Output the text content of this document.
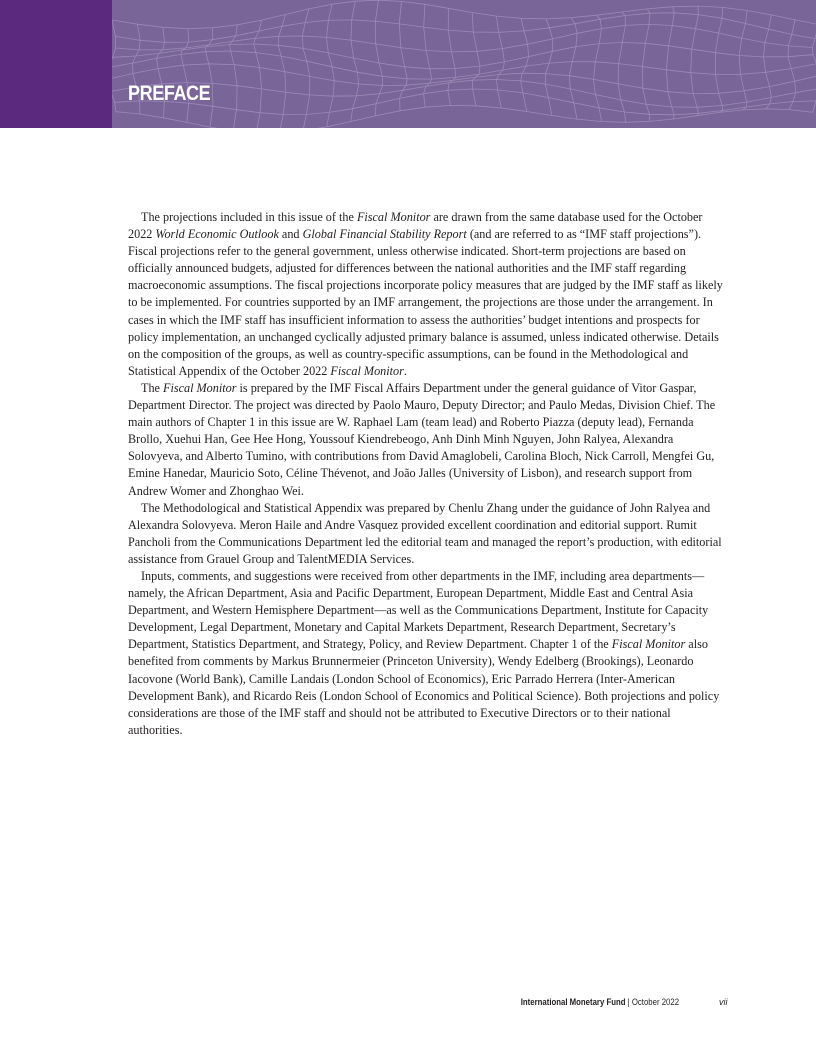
PREFACE

The projections included in this issue of the Fiscal Monitor are drawn from the same database used for the October 2022 World Economic Outlook and Global Financial Stability Report (and are referred to as “IMF staff projections”). Fiscal projections refer to the general government, unless otherwise indicated. Short-term projections are based on officially announced budgets, adjusted for differences between the national authorities and the IMF staff regarding macroeconomic assumptions. The fiscal projections incorporate policy measures that are judged by the IMF staff as likely to be implemented. For countries supported by an IMF arrangement, the projections are those under the arrangement. In cases in which the IMF staff has insufficient information to assess the authorities’ budget intentions and prospects for policy implementation, an unchanged cyclically adjusted primary balance is assumed, unless indicated otherwise. Details on the composition of the groups, as well as country-specific assumptions, can be found in the Methodological and Statistical Appendix of the October 2022 Fiscal Monitor.

The Fiscal Monitor is prepared by the IMF Fiscal Affairs Department under the general guidance of Vitor Gaspar, Department Director. The project was directed by Paolo Mauro, Deputy Director; and Paulo Medas, Division Chief. The main authors of Chapter 1 in this issue are W. Raphael Lam (team lead) and Roberto Piazza (deputy lead), Fernanda Brollo, Xuehui Han, Gee Hee Hong, Youssouf Kiendrebeogo, Anh Dinh Minh Nguyen, John Ralyea, Alexandra Solovyeva, and Alberto Tumino, with contributions from David Amaglobeli, Carolina Bloch, Nick Carroll, Mengfei Gu, Emine Hanedar, Mauricio Soto, Céline Thévenot, and João Jalles (University of Lisbon), and research support from Andrew Womer and Zhonghao Wei.

The Methodological and Statistical Appendix was prepared by Chenlu Zhang under the guidance of John Ralyea and Alexandra Solovyeva. Meron Haile and Andre Vasquez provided excellent coordination and editorial support. Rumit Pancholi from the Communications Department led the editorial team and managed the report’s production, with editorial assistance from Grauel Group and TalentMEDIA Services.

Inputs, comments, and suggestions were received from other departments in the IMF, including area departments—namely, the African Department, Asia and Pacific Department, European Department, Middle East and Central Asia Department, and Western Hemisphere Department—as well as the Communications Department, Institute for Capacity Development, Legal Department, Monetary and Capital Markets Department, Research Department, Secretary’s Department, Statistics Department, and Strategy, Policy, and Review Department. Chapter 1 of the Fiscal Monitor also benefited from comments by Markus Brunnermeier (Princeton University), Wendy Edelberg (Brookings), Leonardo Iacovone (World Bank), Camille Landais (London School of Economics), Eric Parrado Herrera (Inter-American Development Bank), and Ricardo Reis (London School of Economics and Political Science). Both projections and policy considerations are those of the IMF staff and should not be attributed to Executive Directors or to their national authorities.

International Monetary Fund | October 2022	vii
